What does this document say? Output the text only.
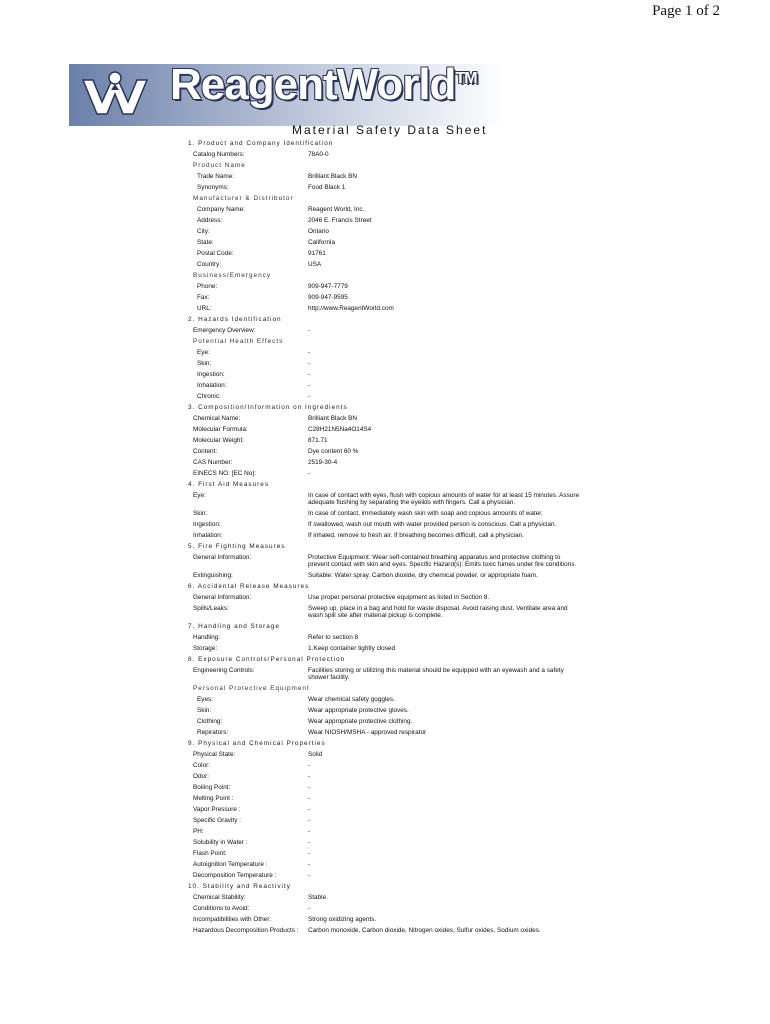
Page 1 of 2
ReagentWorld™
Material Safety Data Sheet
1. Product and Company Identification
Catalog Numbers:	78A0-0
Product Name
Trade Name:	Brilliant Black BN
Synonyms:	Food Black 1
Manufacturer & Distributor
Company Name:	Reagent World, Inc.
Address:	2046 E. Francis Street
City:	Ontario
State:	California
Postal Code:	91761
Country:	USA
Business/Emergency
Phone:	909-947-7779
Fax:	909-947-9595
URL:	http://www.ReagentWorld.com
2. Hazards Identification
Emergency Overview:	-
Potential Health Effects
Eye:	-
Skin:	-
Ingestion:	-
Inhalation:	-
Chronic:	-
3. Composition/Information on Ingredients
Chemical Name:	Brilliant Black BN
Molecular Formula:	C28H21N5Na4O14S4
Molecular Weight:	871.71
Content:	Dye content 60 %
CAS Number:	2519-30-4
EINECS NO. [EC No]:	-
4. First Aid Measures
Eye:	In case of contact with eyes, flush with copious amounts of water for at least 15 minutes. Assure adequate flushing by separating the eyelids with fingers. Call a physician.
Skin:	In case of contact, immediately wash skin with soap and copious amounts of water.
Ingestion:	If swallowed, wash out mouth with water provided person is conscious. Call a physician.
Inhalation:	If inhaled, remove to fresh air. If breathing becomes difficult, call a physician.
5. Fire Fighting Measures
General Information:	Protective Equipment: Wear self-contained breathing apparatus and protective clothing to prevent contact with skin and eyes. Specific Hazard(s): Emits toxic fumes under fire conditions.
Extinguishing:	Suitable: Water spray. Carbon dioxide, dry chemical powder, or appropriate foam.
6. Accidental Release Measures
General Information:	Use proper personal protective equipment as listed in Section 8.
Spills/Leaks:	Sweep up, place in a bag and hold for waste disposal. Avoid raising dust. Ventilate area and wash spill site after material pickup is complete.
7. Handling and Storage
Handling:	Refer to section 8
Storage:	1.Keep container tightly closed
8. Exposure Controls/Personal Protection
Engineering Controls:	Facilities storing or utilizing this material should be equipped with an eyewash and a safety shower facility.
Personal Protective Equipment
Eyes:	Wear chemical safety goggles.
Skin:	Wear appropriate protective gloves.
Clothing:	Wear appropriate protective clothing.
Repirators:	Wear NIOSH/MSHA - approved respirator
9. Physical and Chemical Properties
Physical State:	Solid
Color:	-
Odor:	-
Boiling Point:	-
Melting Point :	-
Vapor Pressure :	-
Specific Gravity :	-
PH:	-
Solubility in Water :	-
Flash Point:	-
Autoignition Temperature :	-
Decomposition Temperature :	-
10. Stability and Reactivity
Chemical Stability:	Stable.
Conditions to Avoid:	-
Incompatibilities with Other:	Strong oxidizing agents.
Hazardous Decomposition Products : Carbon monoxide, Carbon dioxide, Nitrogen oxides, Sulfur oxides, Sodium oxides.
